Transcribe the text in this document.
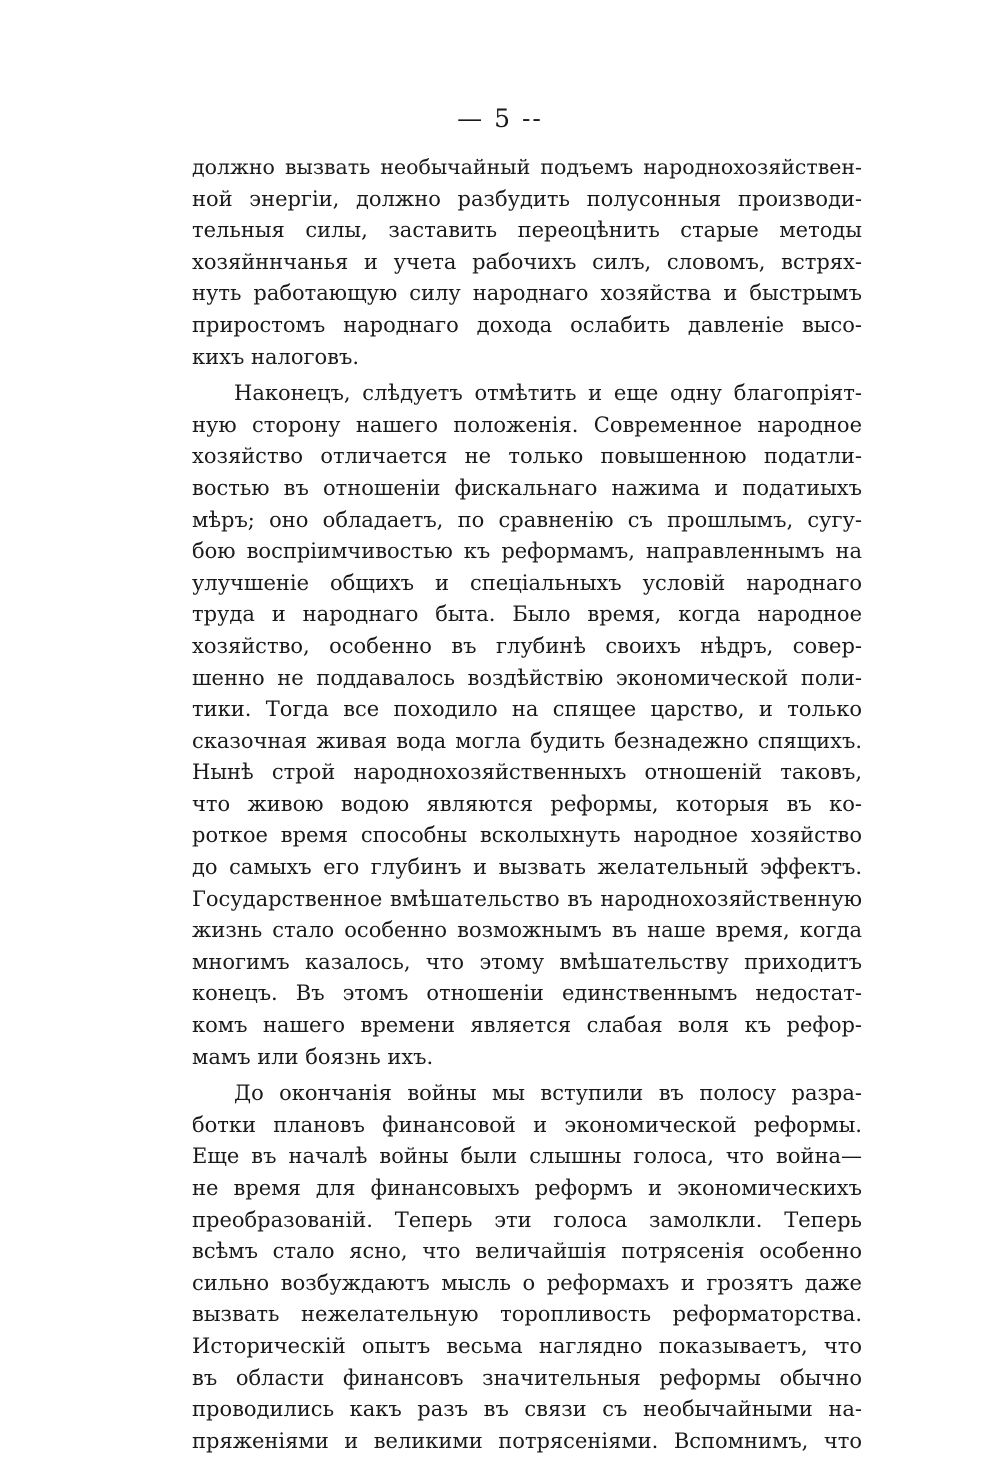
— 5 --
должно вызвать необычайный подъемъ народнохозяйствен-
ной энергіи, должно разбудить полусонныя производи-
тельныя силы, заставить переоцѣнить старые методы
хозяйннчанья и учета рабочихъ силъ, словомъ, встрях-
нуть работающую силу народнаго хозяйства и быстрымъ
приростомъ народнаго дохода ослабить давленіе высо-
кихъ налоговъ.
Наконецъ, слѣдуетъ отмѣтить и еще одну благопріят-
ную сторону нашего положенія. Современное народное
хозяйство отличается не только повышенною податли-
востью въ отношеніи фискальнаго нажима и податиыхъ
мѣръ; оно обладаетъ, по сравненію съ прошлымъ, сугу-
бою воспріимчивостью къ реформамъ, направленнымъ на
улучшеніе общихъ и спеціальныхъ условій народнаго
труда и народнаго быта. Было время, когда народное
хозяйство, особенно въ глубинѣ своихъ нѣдръ, совер-
шенно не поддавалось воздѣйствію экономической поли-
тики. Тогда все походило на спящее царство, и только
сказочная живая вода могла будить безнадежно спящихъ.
Нынѣ строй народнохозяйственныхъ отношеній таковъ,
что живою водою являются реформы, которыя въ ко-
роткое время способны всколыхнуть народное хозяйство
до самыхъ его глубинъ и вызвать желательный эффектъ.
Государственное вмѣшательство въ народнохозяйственную
жизнь стало особенно возможнымъ въ наше время, когда
многимъ казалось, что этому вмѣшательству приходитъ
конецъ. Въ этомъ отношеніи единственнымъ недостат-
комъ нашего времени является слабая воля къ рефор-
мамъ или боязнь ихъ.
До окончанія войны мы вступили въ полосу разра-
ботки плановъ финансовой и экономической реформы.
Еще въ началѣ войны были слышны голоса, что война—
не время для финансовыхъ реформъ и экономическихъ
преобразованій. Теперь эти голоса замолкли. Теперь
всѣмъ стало ясно, что величайшія потрясенія особенно
сильно возбуждаютъ мысль о реформахъ и грозятъ даже
вызвать нежелательную торопливость реформаторства.
Историческій опытъ весьма наглядно показываетъ, что
въ области финансовъ значительныя реформы обычно
проводились какъ разъ въ связи съ необычайными на-
пряженіями и великими потрясеніями. Вспомнимъ, что
